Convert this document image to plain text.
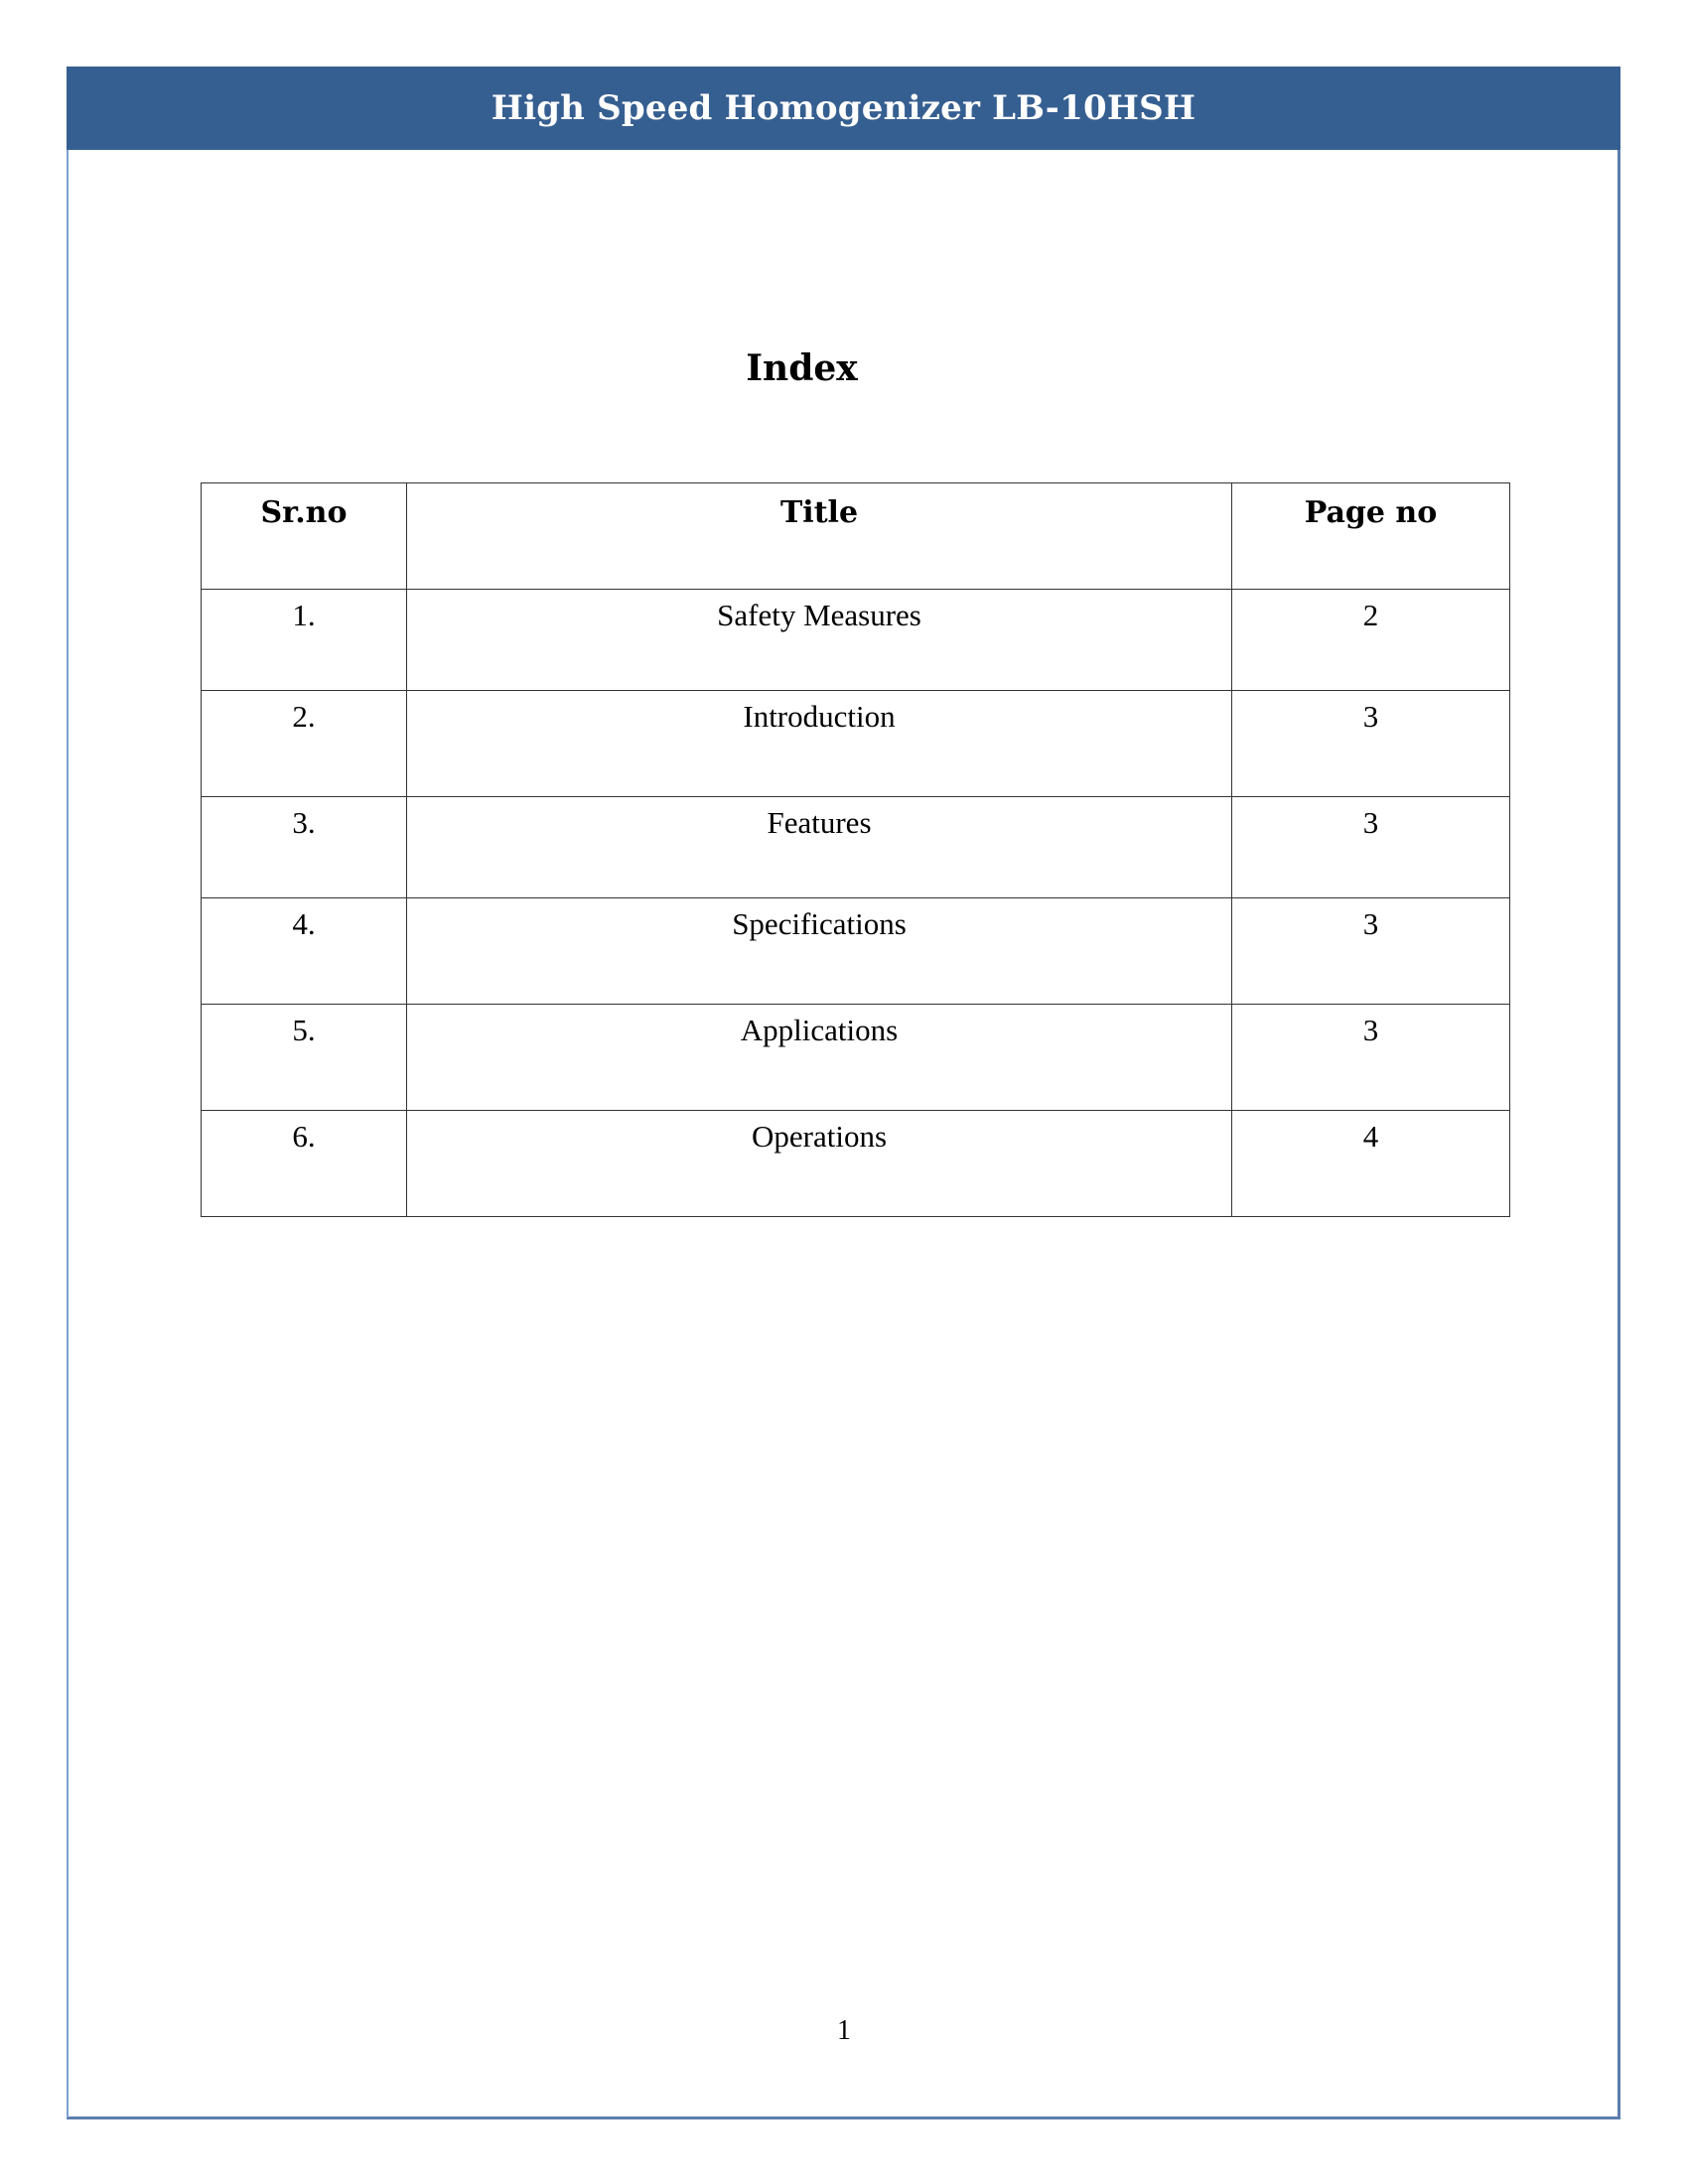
High Speed Homogenizer LB-10HSH
Index
Sr.no	Title	Page no
1.	Safety Measures	2
2.	Introduction	3
3.	Features	3
4.	Specifications	3
5.	Applications	3
6.	Operations	4
1
